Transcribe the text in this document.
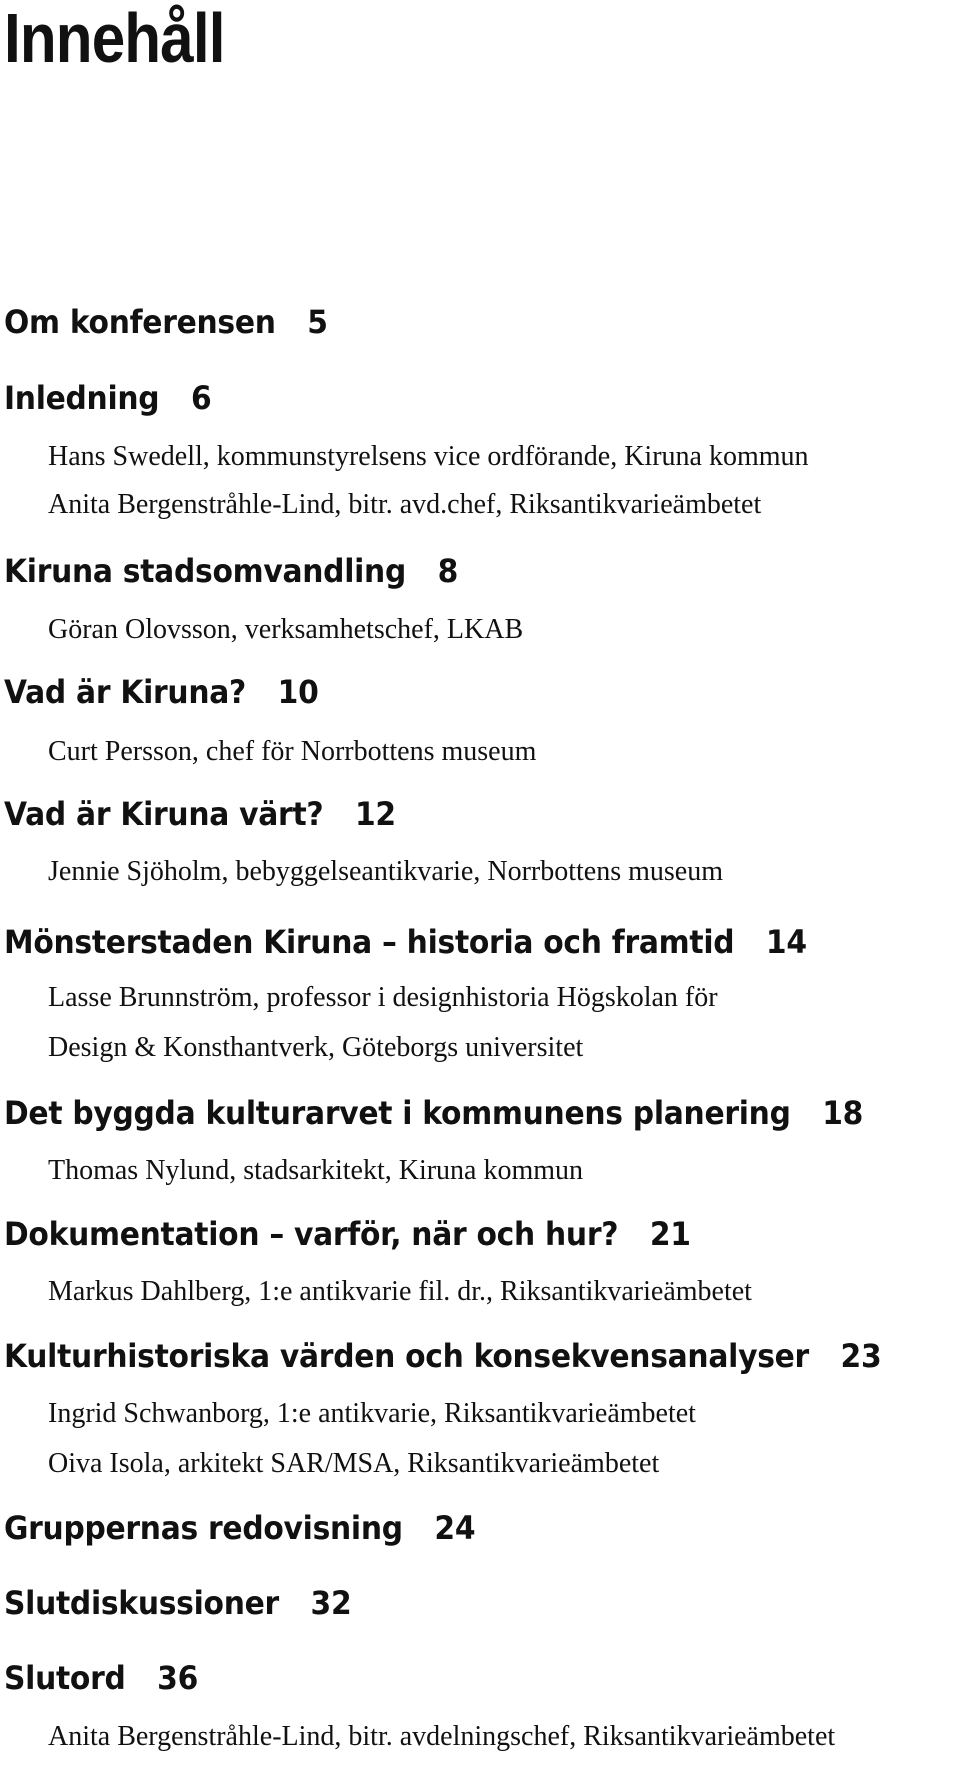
Innehåll
Om konferensen 5
Inledning 6
Hans Swedell, kommunstyrelsens vice ordförande, Kiruna kommun
Anita Bergenstråhle-Lind, bitr. avd.chef, Riksantikvarieämbetet
Kiruna stadsomvandling 8
Göran Olovsson, verksamhetschef, LKAB
Vad är Kiruna? 10
Curt Persson, chef för Norrbottens museum
Vad är Kiruna värt? 12
Jennie Sjöholm, bebyggelseantikvarie, Norrbottens museum
Mönsterstaden Kiruna – historia och framtid 14
Lasse Brunnström, professor i designhistoria Högskolan för
Design & Konsthantverk, Göteborgs universitet
Det byggda kulturarvet i kommunens planering 18
Thomas Nylund, stadsarkitekt, Kiruna kommun
Dokumentation – varför, när och hur? 21
Markus Dahlberg, 1:e antikvarie fil. dr., Riksantikvarieämbetet
Kulturhistoriska värden och konsekvensanalyser 23
Ingrid Schwanborg, 1:e antikvarie, Riksantikvarieämbetet
Oiva Isola, arkitekt SAR/MSA, Riksantikvarieämbetet
Gruppernas redovisning 24
Slutdiskussioner 32
Slutord 36
Anita Bergenstråhle-Lind, bitr. avdelningschef, Riksantikvarieämbetet
